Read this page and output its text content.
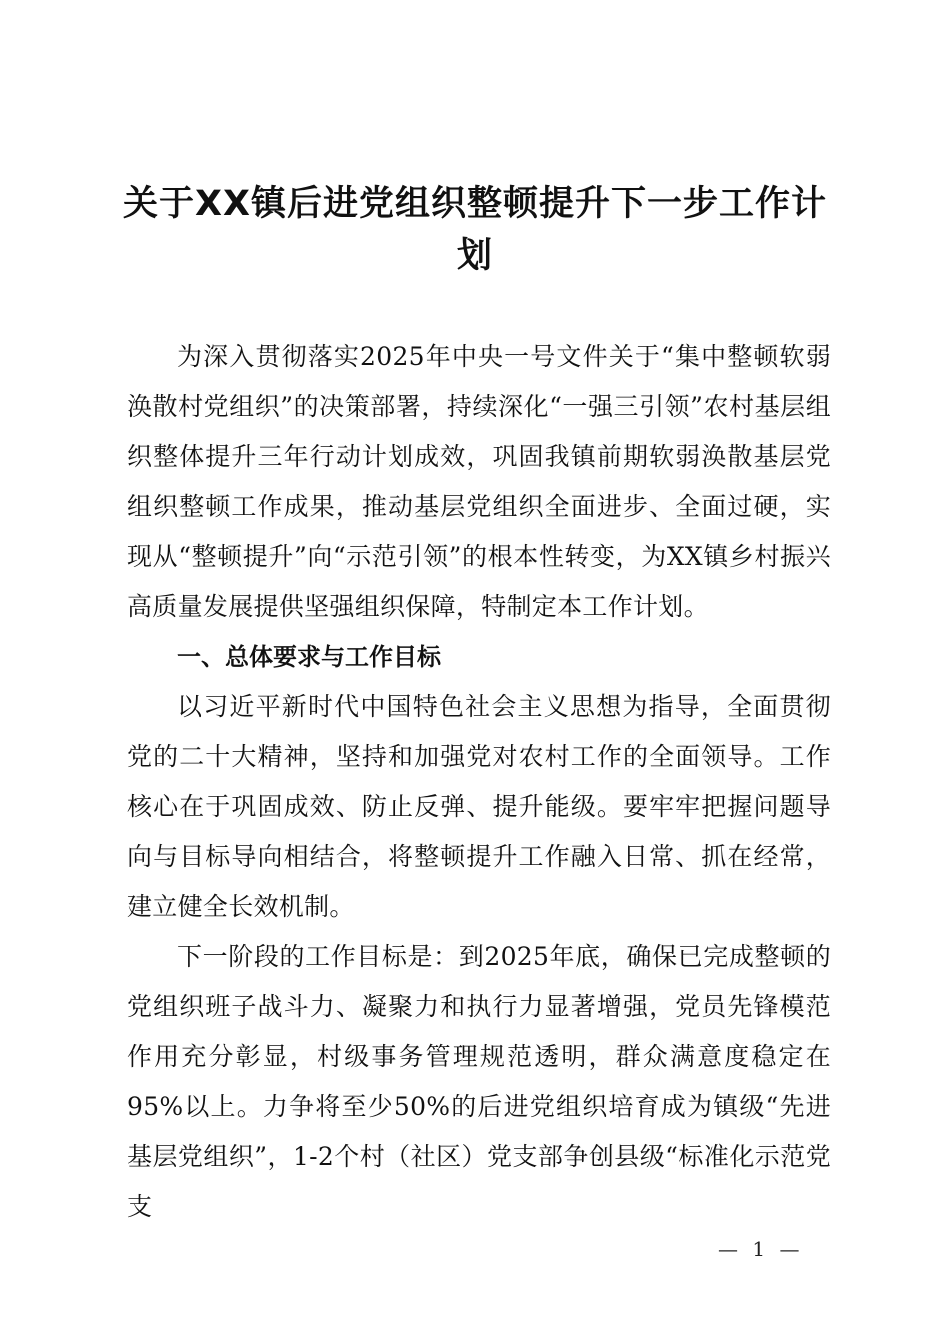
关于XX镇后进党组织整顿提升下一步工作计划

为深入贯彻落实2025年中央一号文件关于“集中整顿软弱涣散村党组织”的决策部署，持续深化“一强三引领”农村基层组织整体提升三年行动计划成效，巩固我镇前期软弱涣散基层党组织整顿工作成果，推动基层党组织全面进步、全面过硬，实现从“整顿提升”向“示范引领”的根本性转变，为XX镇乡村振兴高质量发展提供坚强组织保障，特制定本工作计划。

一、总体要求与工作目标

以习近平新时代中国特色社会主义思想为指导，全面贯彻党的二十大精神，坚持和加强党对农村工作的全面领导。工作核心在于巩固成效、防止反弹、提升能级。要牢牢把握问题导向与目标导向相结合，将整顿提升工作融入日常、抓在经常，建立健全长效机制。

下一阶段的工作目标是：到2025年底，确保已完成整顿的党组织班子战斗力、凝聚力和执行力显著增强，党员先锋模范作用充分彰显，村级事务管理规范透明，群众满意度稳定在95%以上。力争将至少50%的后进党组织培育成为镇级“先进基层党组织”，1-2个村（社区）党支部争创县级“标准化示范党支

— 1 —
